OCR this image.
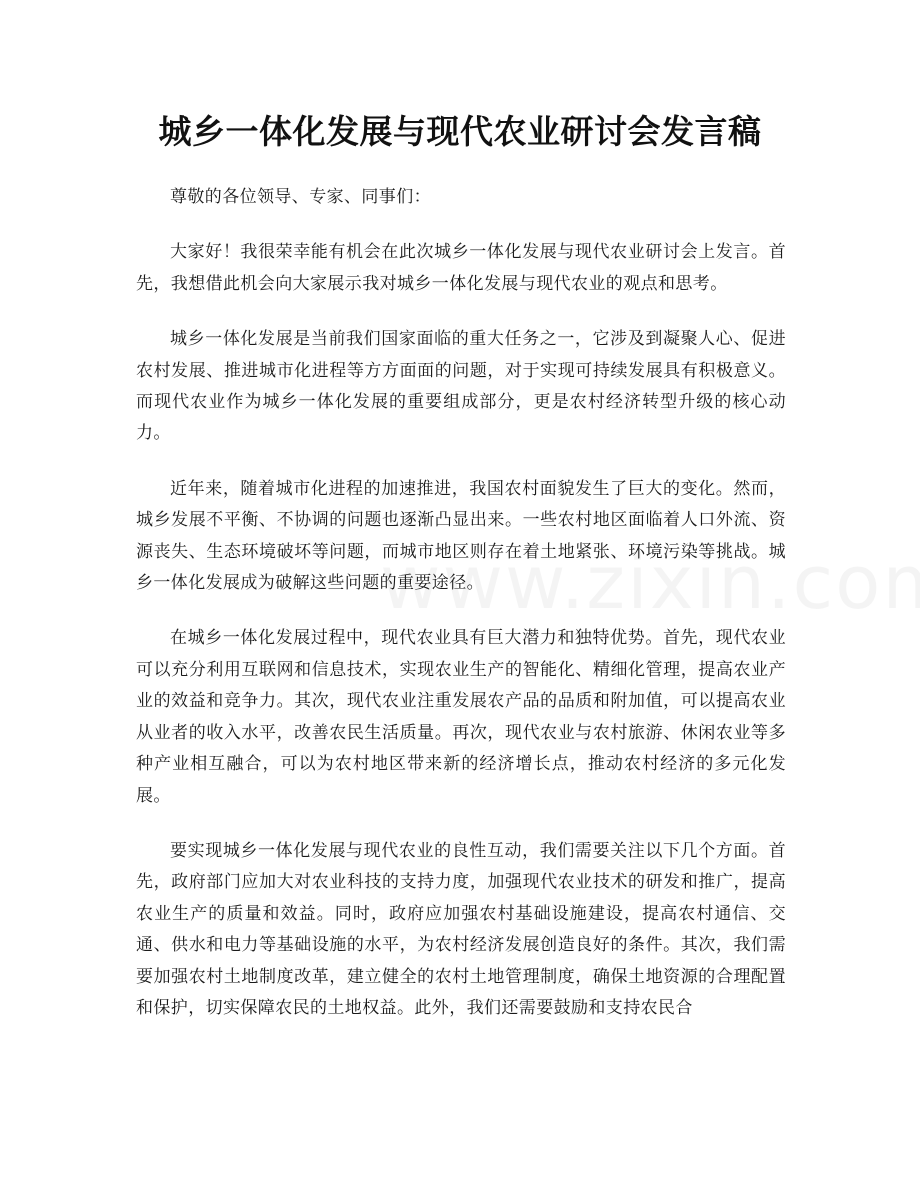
城乡一体化发展与现代农业研讨会发言稿

尊敬的各位领导、专家、同事们：

大家好！我很荣幸能有机会在此次城乡一体化发展与现代农业研讨会上发言。首先，我想借此机会向大家展示我对城乡一体化发展与现代农业的观点和思考。

城乡一体化发展是当前我们国家面临的重大任务之一，它涉及到凝聚人心、促进农村发展、推进城市化进程等方方面面的问题，对于实现可持续发展具有积极意义。而现代农业作为城乡一体化发展的重要组成部分，更是农村经济转型升级的核心动力。

近年来，随着城市化进程的加速推进，我国农村面貌发生了巨大的变化。然而，城乡发展不平衡、不协调的问题也逐渐凸显出来。一些农村地区面临着人口外流、资源丧失、生态环境破坏等问题，而城市地区则存在着土地紧张、环境污染等挑战。城乡一体化发展成为破解这些问题的重要途径。

在城乡一体化发展过程中，现代农业具有巨大潜力和独特优势。首先，现代农业可以充分利用互联网和信息技术，实现农业生产的智能化、精细化管理，提高农业产业的效益和竞争力。其次，现代农业注重发展农产品的品质和附加值，可以提高农业从业者的收入水平，改善农民生活质量。再次，现代农业与农村旅游、休闲农业等多种产业相互融合，可以为农村地区带来新的经济增长点，推动农村经济的多元化发展。

要实现城乡一体化发展与现代农业的良性互动，我们需要关注以下几个方面。首先，政府部门应加大对农业科技的支持力度，加强现代农业技术的研发和推广，提高农业生产的质量和效益。同时，政府应加强农村基础设施建设，提高农村通信、交通、供水和电力等基础设施的水平，为农村经济发展创造良好的条件。其次，我们需要加强农村土地制度改革，建立健全的农村土地管理制度，确保土地资源的合理配置和保护，切实保障农民的土地权益。此外，我们还需要鼓励和支持农民合
